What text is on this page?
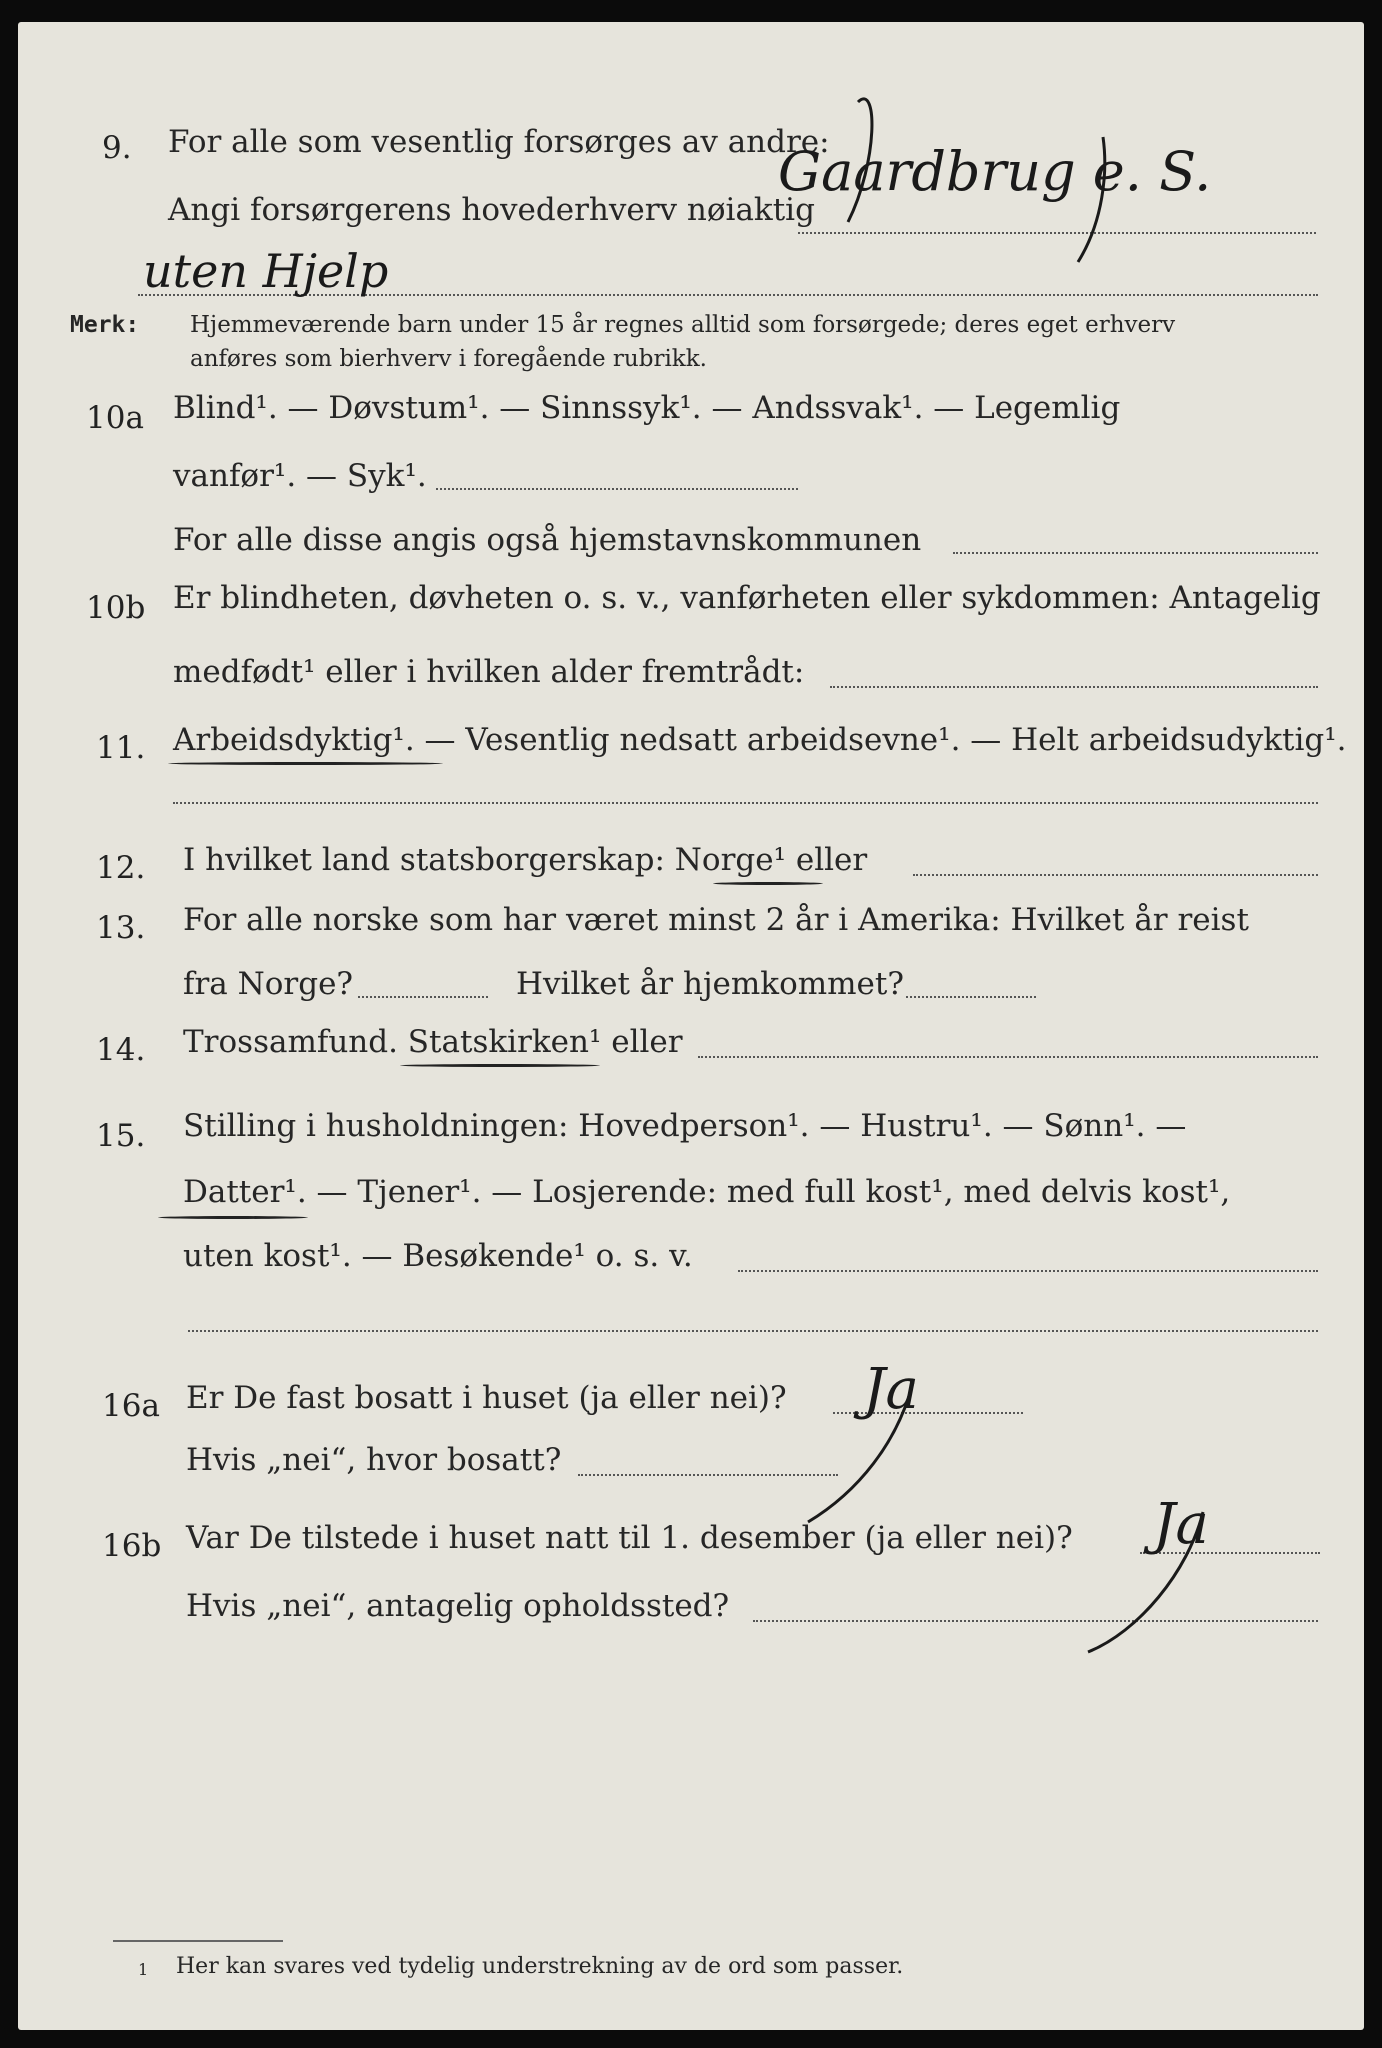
9. For alle som vesentlig forsørges av andre:
Angi forsørgerens hovederhverv nøiaktig
Gaardbrug e. S.
uten Hjelp
Merk: Hjemmeværende barn under 15 år regnes alltid som forsørgede; deres eget erhverv
anføres som bierhverv i foregående rubrikk.
10a Blind¹. — Døvstum¹. — Sinnssyk¹. — Andssvak¹. — Legemlig
vanfør¹. — Syk¹.
For alle disse angis også hjemstavnskommunen
10b Er blindheten, døvheten o. s. v., vanførheten eller sykdommen: Antagelig
medfødt¹ eller i hvilken alder fremtrådt:
11. Arbeidsdyktig¹. — Vesentlig nedsatt arbeidsevne¹. — Helt arbeidsudyktig¹.
12. I hvilket land statsborgerskap: Norge¹ eller
13. For alle norske som har været minst 2 år i Amerika: Hvilket år reist
fra Norge?	Hvilket år hjemkommet?
14. Trossamfund. Statskirken¹ eller
15. Stilling i husholdningen: Hovedperson¹. — Hustru¹. — Sønn¹. —
Datter¹. — Tjener¹. — Losjerende: med full kost¹, med delvis kost¹,
uten kost¹. — Besøkende¹ o. s. v.
16a Er De fast bosatt i huset (ja eller nei)? Ja
Hvis „nei“, hvor bosatt?
16b Var De tilstede i huset natt til 1. desember (ja eller nei)? Ja
Hvis „nei“, antagelig opholdssted?
1 Her kan svares ved tydelig understrekning av de ord som passer.
